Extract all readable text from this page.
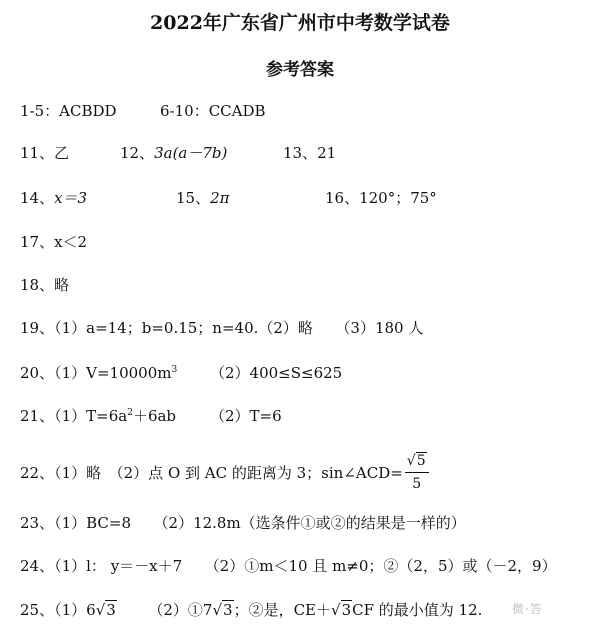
2022年广东省广州市中考数学试卷
参考答案
1-5：ACBDD	6-10：CCADB
11、乙	12、3a(a－7b)	13、21
14、x＝3	15、2π	16、120°；75°
17、x＜2
18、略
19、（1）a=14；b=0.15；n=40.（2）略　　（3）180 人
20、$(1)V=10000m^3$ （2）400≤S≤625
21、$(1)T=6a^2+6ab$ （2）T=6
22、（1）略　（2）点 O 到 AC 的距离为 3；sin∠ACD= $\frac{√5}{5}$
23、（1）BC=8　　（2）12.8m（选条件①或②的结果是一样的）
24、（1）l： y＝－x＋7　　（2）①m＜10 且 m≠0；②（2，5）或（－2，9）
25、（1）6√3 （2）①7√3；②是，CE＋√3CF 的最小值为 12. 微·答
